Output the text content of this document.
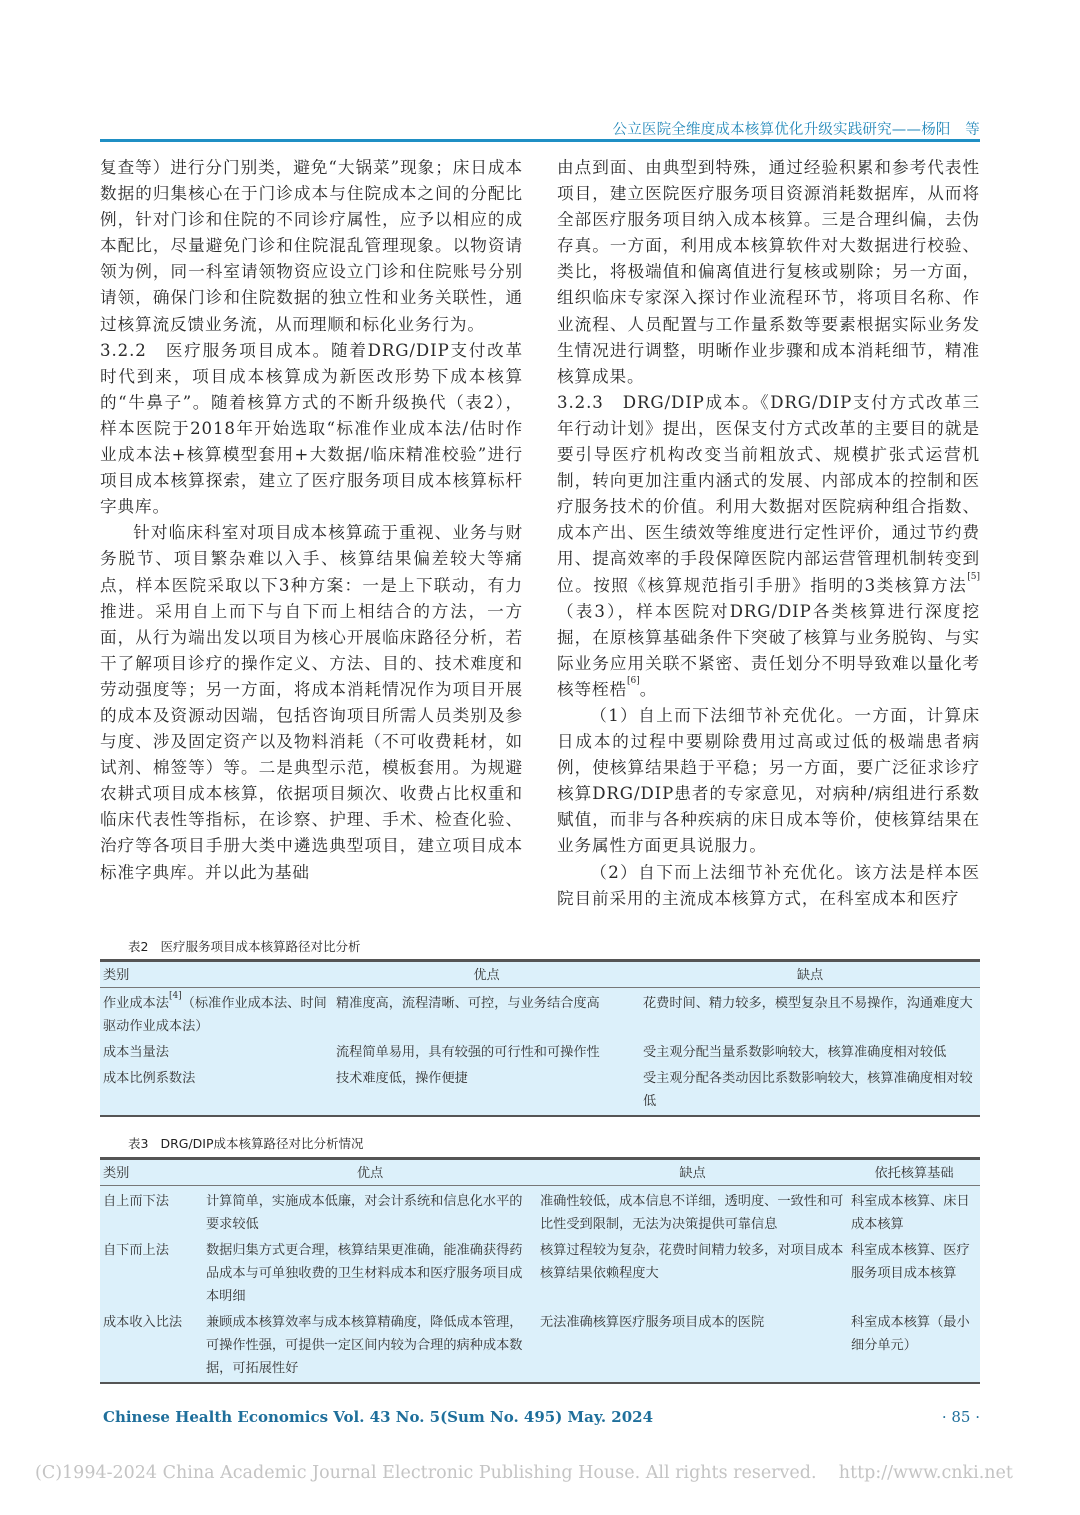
公立医院全维度成本核算优化升级实践研究——杨阳　等

复查等）进行分门别类，避免“大锅菜”现象；床日成本数据的归集核心在于门诊成本与住院成本之间的分配比例，针对门诊和住院的不同诊疗属性，应予以相应的成本配比，尽量避免门诊和住院混乱管理现象。以物资请领为例，同一科室请领物资应设立门诊和住院账号分别请领，确保门诊和住院数据的独立性和业务关联性，通过核算流反馈业务流，从而理顺和标化业务行为。

3.2.2　医疗服务项目成本。随着DRG/DIP支付改革时代到来，项目成本核算成为新医改形势下成本核算的“牛鼻子”。随着核算方式的不断升级换代（表2），样本医院于2018年开始选取“标准作业成本法/估时作业成本法+核算模型套用+大数据/临床精准校验”进行项目成本核算探索，建立了医疗服务项目成本核算标杆字典库。

针对临床科室对项目成本核算疏于重视、业务与财务脱节、项目繁杂难以入手、核算结果偏差较大等痛点，样本医院采取以下3种方案：一是上下联动，有力推进。采用自上而下与自下而上相结合的方法，一方面，从行为端出发以项目为核心开展临床路径分析，若干了解项目诊疗的操作定义、方法、目的、技术难度和劳动强度等；另一方面，将成本消耗情况作为项目开展的成本及资源动因端，包括咨询项目所需人员类别及参与度、涉及固定资产以及物料消耗（不可收费耗材，如试剂、棉签等）等。二是典型示范，模板套用。为规避农耕式项目成本核算，依据项目频次、收费占比权重和临床代表性等指标，在诊察、护理、手术、检查化验、治疗等各项目手册大类中遴选典型项目，建立项目成本标准字典库。并以此为基础

由点到面、由典型到特殊，通过经验积累和参考代表性项目，建立医院医疗服务项目资源消耗数据库，从而将全部医疗服务项目纳入成本核算。三是合理纠偏，去伪存真。一方面，利用成本核算软件对大数据进行校验、类比，将极端值和偏离值进行复核或剔除；另一方面，组织临床专家深入探讨作业流程环节，将项目名称、作业流程、人员配置与工作量系数等要素根据实际业务发生情况进行调整，明晰作业步骤和成本消耗细节，精准核算成果。

3.2.3　DRG/DIP成本。《DRG/DIP支付方式改革三年行动计划》提出，医保支付方式改革的主要目的就是要引导医疗机构改变当前粗放式、规模扩张式运营机制，转向更加注重内涵式的发展、内部成本的控制和医疗服务技术的价值。利用大数据对医院病种组合指数、成本产出、医生绩效等维度进行定性评价，通过节约费用、提高效率的手段保障医院内部运营管理机制转变到位。按照《核算规范指引手册》指明的3类核算方法[5]（表3），样本医院对DRG/DIP各类核算进行深度挖掘，在原核算基础条件下突破了核算与业务脱钩、与实际业务应用关联不紧密、责任划分不明导致难以量化考核等桎梏[6]。

（1）自上而下法细节补充优化。一方面，计算床日成本的过程中要剔除费用过高或过低的极端患者病例，使核算结果趋于平稳；另一方面，要广泛征求诊疗核算DRG/DIP患者的专家意见，对病种/病组进行系数赋值，而非与各种疾病的床日成本等价，使核算结果在业务属性方面更具说服力。

（2）自下而上法细节补充优化。该方法是样本医院目前采用的主流成本核算方式，在科室成本和医疗

表2 医疗服务项目成本核算路径对比分析
类别	优点	缺点
作业成本法[4]（标准作业成本法、时间驱动作业成本法）	精准度高，流程清晰、可控，与业务结合度高	花费时间、精力较多，模型复杂且不易操作，沟通难度大
成本当量法	流程简单易用，具有较强的可行性和可操作性	受主观分配当量系数影响较大，核算准确度相对较低
成本比例系数法	技术难度低，操作便捷	受主观分配各类动因比系数影响较大，核算准确度相对较低
表3 DRG/DIP成本核算路径对比分析情况
类别	优点	缺点	依托核算基础
自上而下法	计算简单，实施成本低廉，对会计系统和信息化水平的要求较低	准确性较低，成本信息不详细，透明度、一致性和可比性受到限制，无法为决策提供可靠信息	科室成本核算、床日成本核算
自下而上法	数据归集方式更合理，核算结果更准确，能准确获得药品成本与可单独收费的卫生材料成本和医疗服务项目成本明细	核算过程较为复杂，花费时间精力较多，对项目成本核算结果依赖程度大	科室成本核算、医疗服务项目成本核算
成本收入比法	兼顾成本核算效率与成本核算精确度，降低成本管理，可操作性强，可提供一定区间内较为合理的病种成本数据，可拓展性好	无法准确核算医疗服务项目成本的医院	科室成本核算（最小细分单元）
Chinese Health Economics Vol. 43 No. 5(Sum No. 495) May. 2024	· 85 ·
(C)1994-2024 China Academic Journal Electronic Publishing House. All rights reserved.    http://www.cnki.net
